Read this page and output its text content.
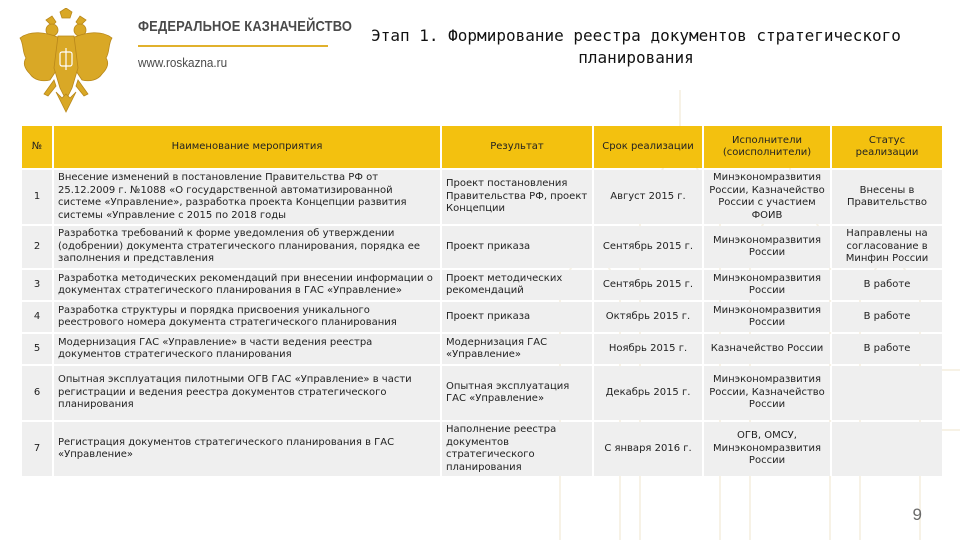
ФЕДЕРАЛЬНОЕ КАЗНАЧЕЙСТВО
www.roskazna.ru
Этап 1. Формирование реестра документов стратегического
планирования
№	Наименование мероприятия	Результат	Срок реализации	Исполнители (соисполнители)	Статус реализации
1	Внесение изменений в постановление Правительства РФ от 25.12.2009 г. №1088 «О государственной автоматизированной системе «Управление», разработка проекта Концепции развития системы «Управление с 2015 по 2018 годы	Проект постановления Правительства РФ, проект Концепции	Август 2015 г.	Минэкономразвития России, Казначейство России с участием ФОИВ	Внесены в Правительство
2	Разработка требований к форме уведомления об утверждении (одобрении) документа стратегического планирования, порядка ее заполнения и представления	Проект приказа	Сентябрь 2015 г.	Минэкономразвития России	Направлены на согласование в Минфин России
3	Разработка методических рекомендаций при внесении информации о документах стратегического планирования в ГАС «Управление»	Проект методических рекомендаций	Сентябрь 2015 г.	Минэкономразвития России	В работе
4	Разработка структуры и порядка присвоения уникального реестрового номера документа стратегического планирования	Проект приказа	Октябрь 2015 г.	Минэкономразвития России	В работе
5	Модернизация ГАС «Управление» в части ведения реестра документов стратегического планирования	Модернизация ГАС «Управление»	Ноябрь 2015 г.	Казначейство России	В работе
6	Опытная эксплуатация пилотными ОГВ ГАС «Управление» в части регистрации и ведения реестра документов стратегического планирования	Опытная эксплуатация ГАС «Управление»	Декабрь 2015 г.	Минэкономразвития России, Казначейство России	
7	Регистрация документов стратегического планирования в ГАС «Управление»	Наполнение реестра документов стратегического планирования	С января 2016 г.	ОГВ, ОМСУ, Минэкономразвития России	
9
